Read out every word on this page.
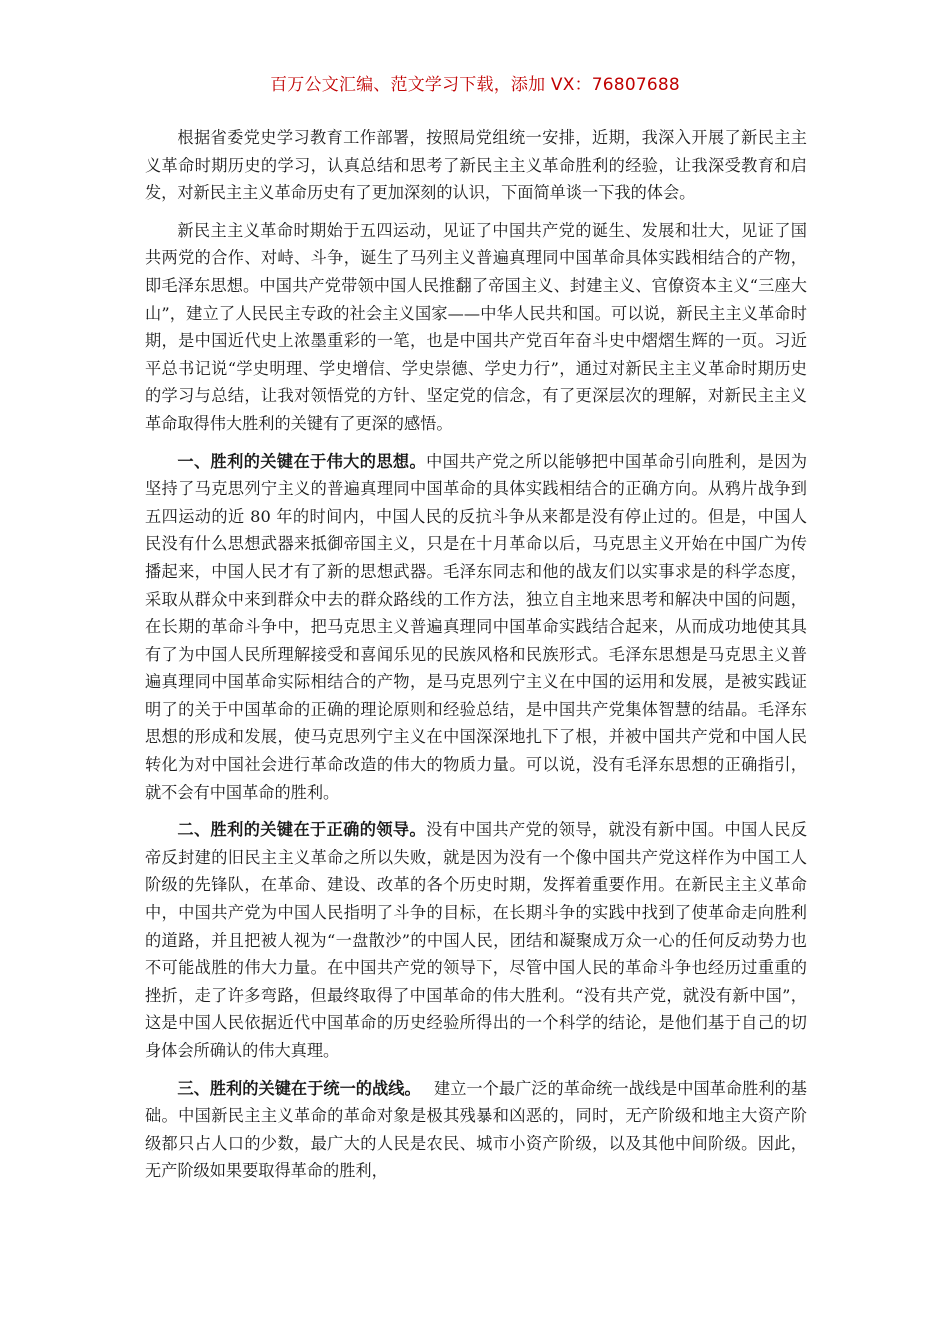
百万公文汇编、范文学习下载，添加 VX：76807688

根据省委党史学习教育工作部署，按照局党组统一安排，近期，我深入开展了新民主主义革命时期历史的学习，认真总结和思考了新民主主义革命胜利的经验，让我深受教育和启发，对新民主主义革命历史有了更加深刻的认识，下面简单谈一下我的体会。

新民主主义革命时期始于五四运动，见证了中国共产党的诞生、发展和壮大，见证了国共两党的合作、对峙、斗争，诞生了马列主义普遍真理同中国革命具体实践相结合的产物，即毛泽东思想。中国共产党带领中国人民推翻了帝国主义、封建主义、官僚资本主义“三座大山”，建立了人民民主专政的社会主义国家——中华人民共和国。可以说，新民主主义革命时期，是中国近代史上浓墨重彩的一笔，也是中国共产党百年奋斗史中熠熠生辉的一页。习近平总书记说“学史明理、学史增信、学史崇德、学史力行”，通过对新民主主义革命时期历史的学习与总结，让我对领悟党的方针、坚定党的信念，有了更深层次的理解，对新民主主义革命取得伟大胜利的关键有了更深的感悟。

一、胜利的关键在于伟大的思想。中国共产党之所以能够把中国革命引向胜利，是因为坚持了马克思列宁主义的普遍真理同中国革命的具体实践相结合的正确方向。从鸦片战争到五四运动的近 80 年的时间内，中国人民的反抗斗争从来都是没有停止过的。但是，中国人民没有什么思想武器来抵御帝国主义，只是在十月革命以后，马克思主义开始在中国广为传播起来，中国人民才有了新的思想武器。毛泽东同志和他的战友们以实事求是的科学态度，采取从群众中来到群众中去的群众路线的工作方法，独立自主地来思考和解决中国的问题，在长期的革命斗争中，把马克思主义普遍真理同中国革命实践结合起来，从而成功地使其具有了为中国人民所理解接受和喜闻乐见的民族风格和民族形式。毛泽东思想是马克思主义普遍真理同中国革命实际相结合的产物，是马克思列宁主义在中国的运用和发展，是被实践证明了的关于中国革命的正确的理论原则和经验总结，是中国共产党集体智慧的结晶。毛泽东思想的形成和发展，使马克思列宁主义在中国深深地扎下了根，并被中国共产党和中国人民转化为对中国社会进行革命改造的伟大的物质力量。可以说，没有毛泽东思想的正确指引，就不会有中国革命的胜利。

二、胜利的关键在于正确的领导。没有中国共产党的领导，就没有新中国。中国人民反帝反封建的旧民主主义革命之所以失败，就是因为没有一个像中国共产党这样作为中国工人阶级的先锋队，在革命、建设、改革的各个历史时期，发挥着重要作用。在新民主主义革命 中，中国共产党为中国人民指明了斗争的目标，在长期斗争的实践中找到了使革命走向胜利的道路，并且把被人视为“一盘散沙”的中国人民，团结和凝聚成万众一心的任何反动势力也不可能战胜的伟大力量。在中国共产党的领导下，尽管中国人民的革命斗争也经历过重重的挫折，走了许多弯路，但最终取得了中国革命的伟大胜利。“没有共产党，就没有新中国”，这是中国人民依据近代中国革命的历史经验所得出的一个科学的结论，是他们基于自己的切身体会所确认的伟大真理。

三、胜利的关键在于统一的战线。　 建立一个最广泛的革命统一战线是中国革命胜利的基础。中国新民主主义革命的革命对象是极其残暴和凶恶的，同时，无产阶级和地主大资产阶级都只占人口的少数，最广大的人民是农民、城市小资产阶级，以及其他中间阶级。因此，无产阶级如果要取得革命的胜利，
